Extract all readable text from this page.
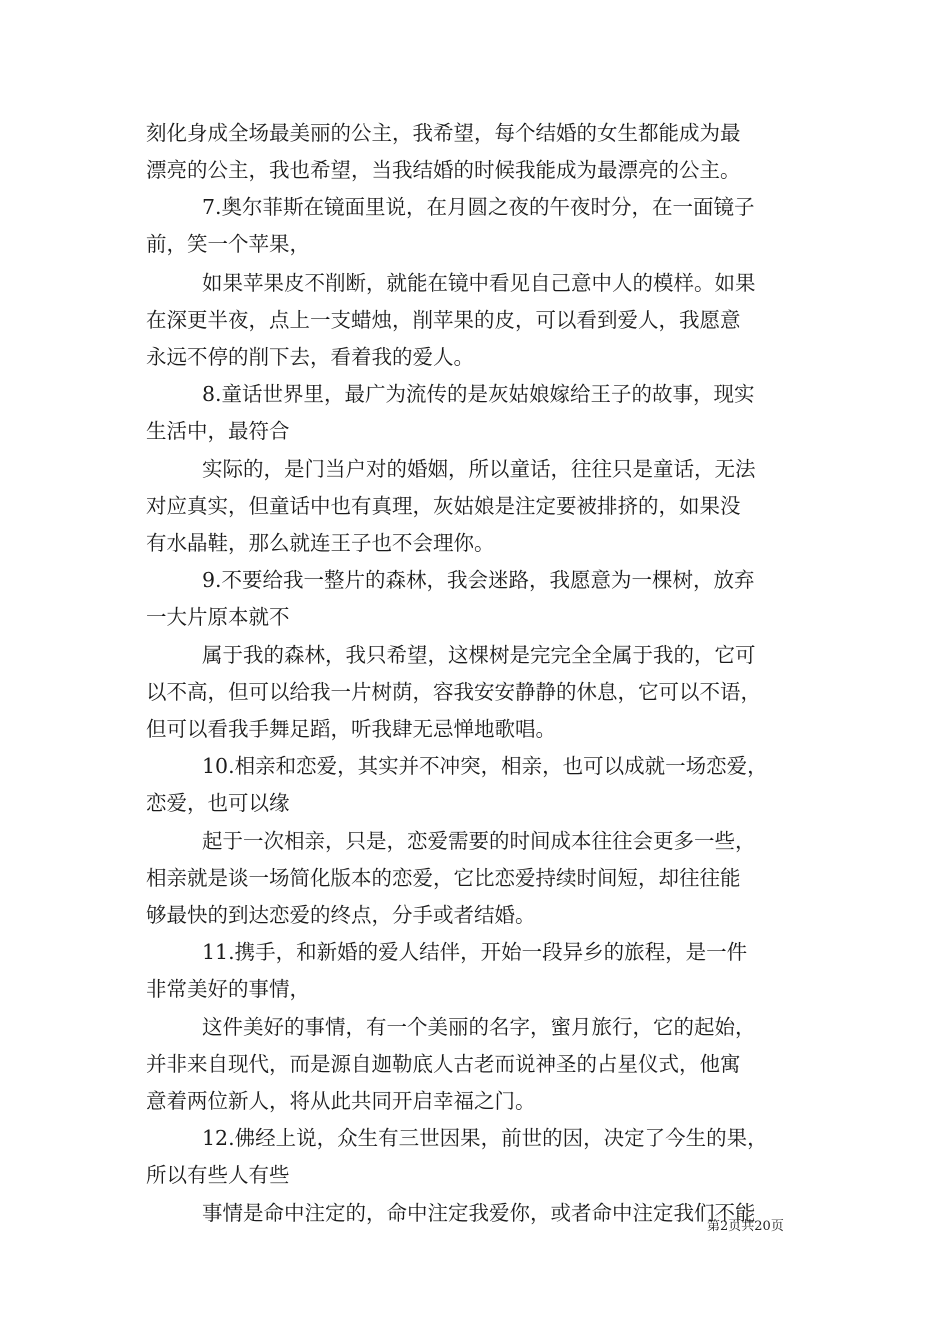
刻化身成全场最美丽的公主，我希望，每个结婚的女生都能成为最
漂亮的公主，我也希望，当我结婚的时候我能成为最漂亮的公主。
7.奥尔菲斯在镜面里说，在月圆之夜的午夜时分，在一面镜子
前，笑一个苹果，
如果苹果皮不削断，就能在镜中看见自己意中人的模样。如果
在深更半夜，点上一支蜡烛，削苹果的皮，可以看到爱人，我愿意
永远不停的削下去，看着我的爱人。
8.童话世界里，最广为流传的是灰姑娘嫁给王子的故事，现实
生活中，最符合
实际的，是门当户对的婚姻，所以童话，往往只是童话，无法
对应真实，但童话中也有真理，灰姑娘是注定要被排挤的，如果没
有水晶鞋，那么就连王子也不会理你。
9.不要给我一整片的森林，我会迷路，我愿意为一棵树，放弃
一大片原本就不
属于我的森林，我只希望，这棵树是完完全全属于我的，它可
以不高，但可以给我一片树荫，容我安安静静的休息，它可以不语，
但可以看我手舞足蹈，听我肆无忌惮地歌唱。
10.相亲和恋爱，其实并不冲突，相亲，也可以成就一场恋爱，
恋爱，也可以缘
起于一次相亲，只是，恋爱需要的时间成本往往会更多一些，
相亲就是谈一场简化版本的恋爱，它比恋爱持续时间短，却往往能
够最快的到达恋爱的终点，分手或者结婚。
11.携手，和新婚的爱人结伴，开始一段异乡的旅程，是一件
非常美好的事情，
这件美好的事情，有一个美丽的名字，蜜月旅行，它的起始，
并非来自现代，而是源自迦勒底人古老而说神圣的占星仪式，他寓
意着两位新人，将从此共同开启幸福之门。
12.佛经上说，众生有三世因果，前世的因，决定了今生的果，
所以有些人有些
事情是命中注定的，命中注定我爱你，或者命中注定我们不能
第2页共20页
